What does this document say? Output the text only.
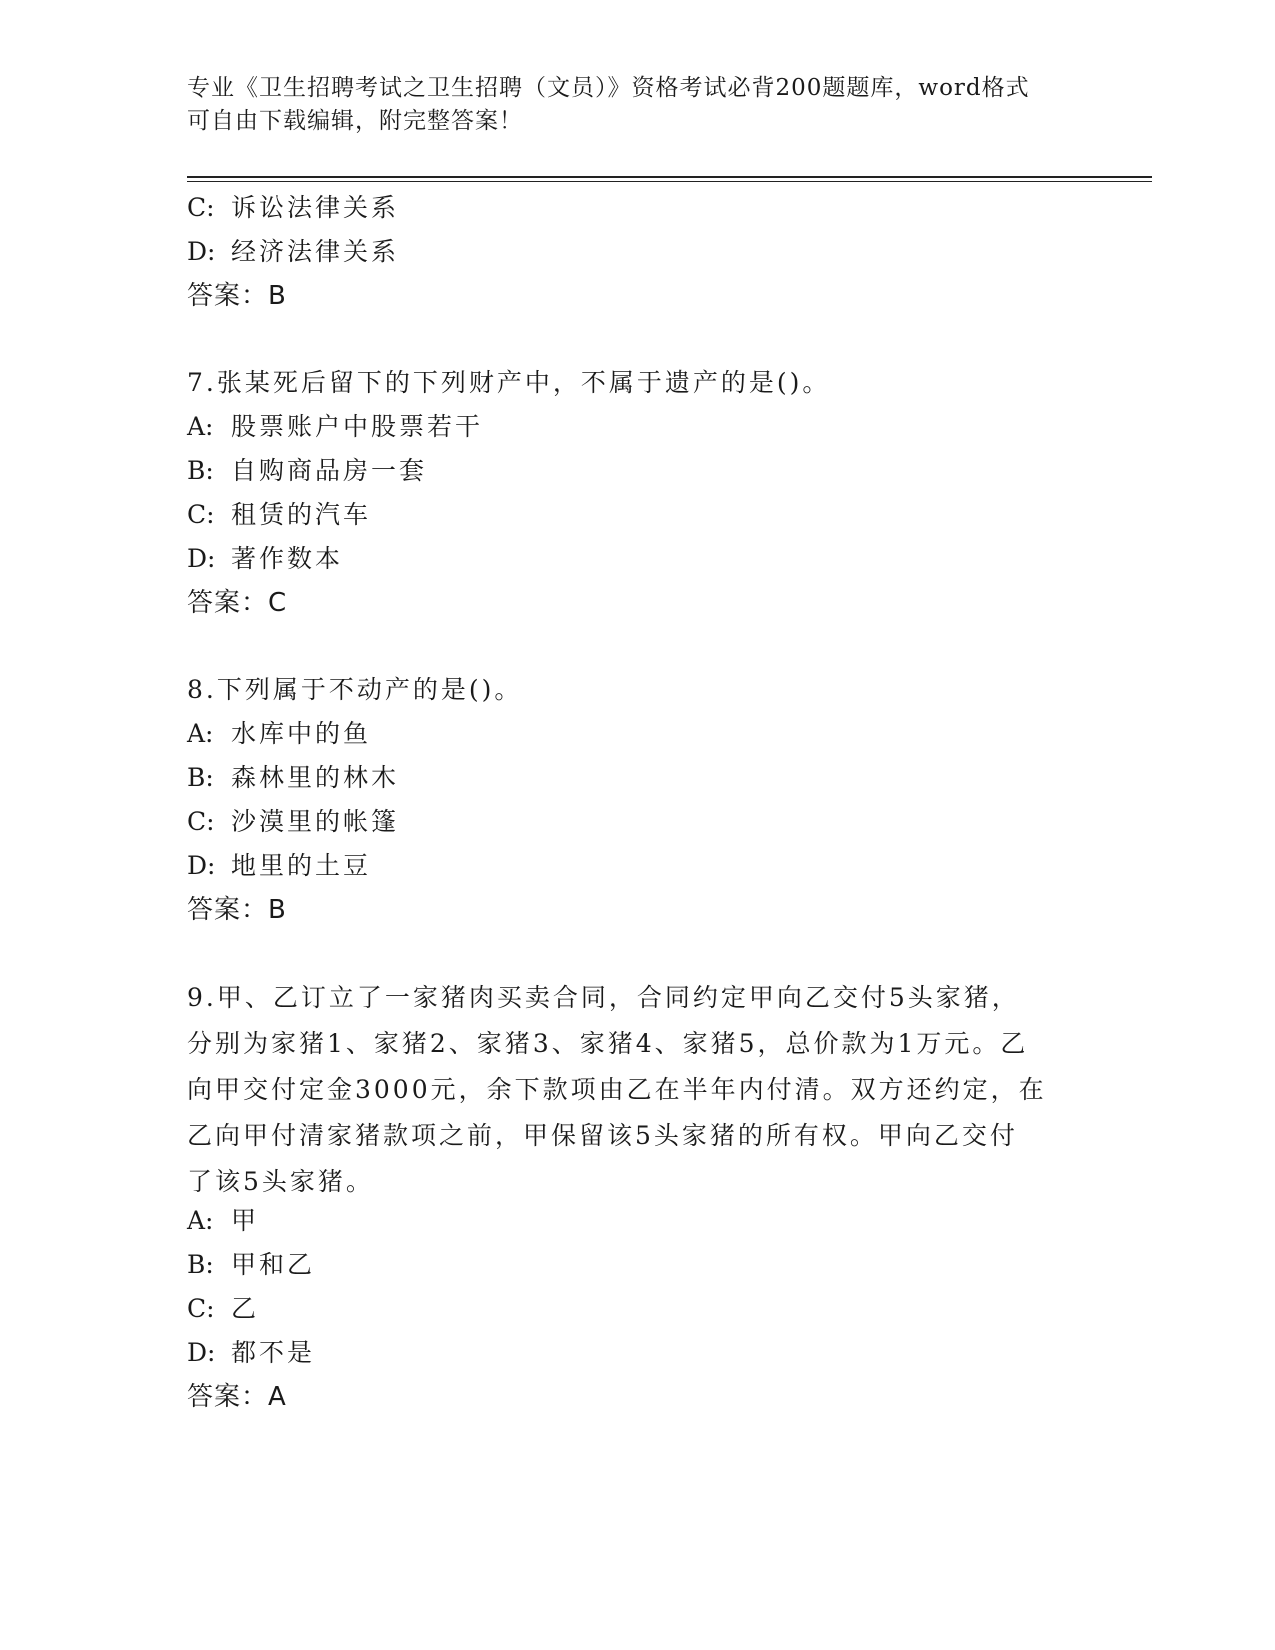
专业《卫生招聘考试之卫生招聘（文员）》资格考试必背200题题库，word格式
可自由下载编辑，附完整答案！
C: 诉讼法律关系
D: 经济法律关系
答案：B
7.张某死后留下的下列财产中，不属于遗产的是()。
A: 股票账户中股票若干
B: 自购商品房一套
C: 租赁的汽车
D: 著作数本
答案：C
8.下列属于不动产的是()。
A: 水库中的鱼
B: 森林里的林木
C: 沙漠里的帐篷
D: 地里的土豆
答案：B
9.甲、乙订立了一家猪肉买卖合同，合同约定甲向乙交付5头家猪，
分别为家猪1、家猪2、家猪3、家猪4、家猪5，总价款为1万元。乙
向甲交付定金3000元，余下款项由乙在半年内付清。双方还约定，在
乙向甲付清家猪款项之前，甲保留该5头家猪的所有权。甲向乙交付
了该5头家猪。
A: 甲
B: 甲和乙
C: 乙
D: 都不是
答案：A
